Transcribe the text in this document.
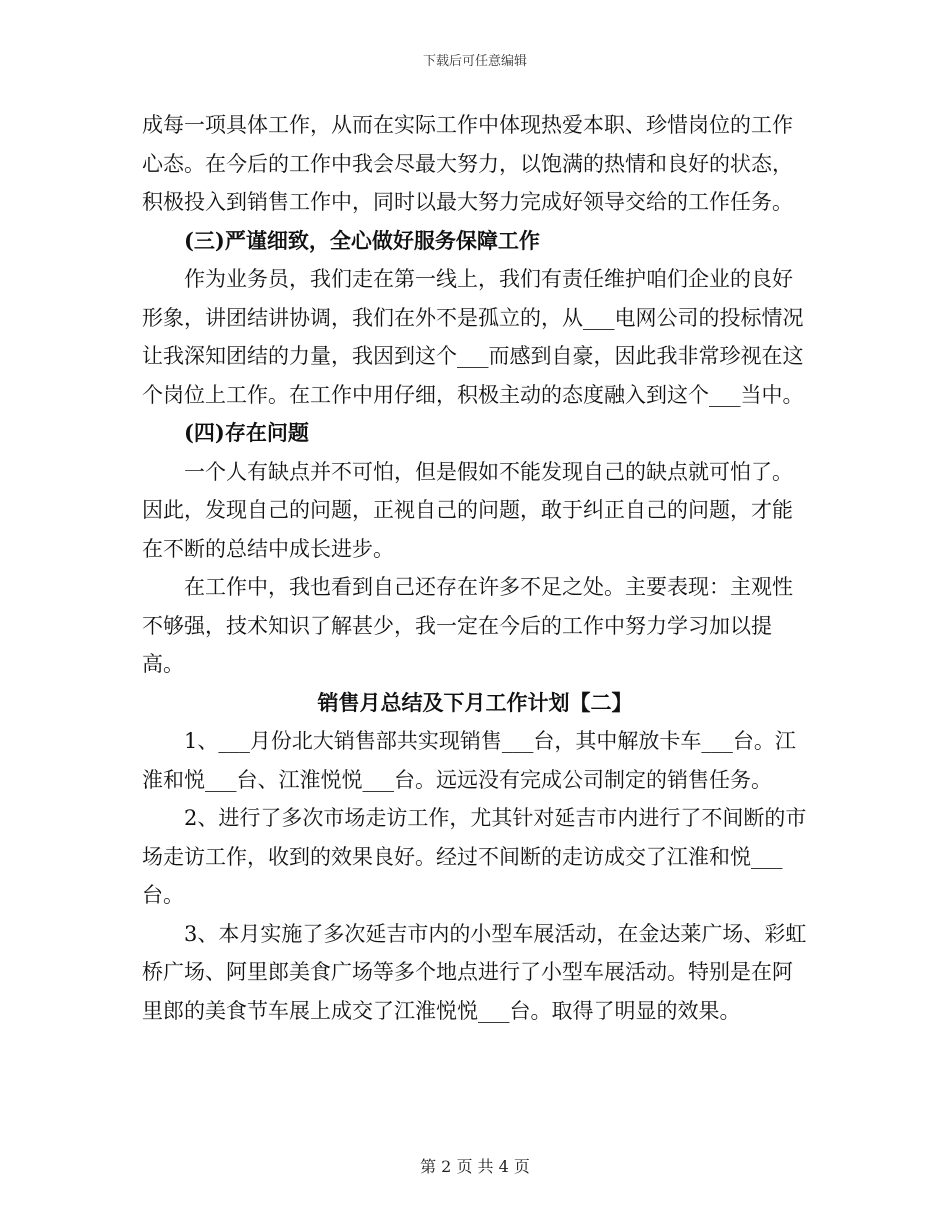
下载后可任意编辑

成每一项具体工作，从而在实际工作中体现热爱本职、珍惜岗位的工作心态。在今后的工作中我会尽最大努力，以饱满的热情和良好的状态，积极投入到销售工作中，同时以最大努力完成好领导交给的工作任务。

(三)严谨细致，全心做好服务保障工作

作为业务员，我们走在第一线上，我们有责任维护咱们企业的良好形象，讲团结讲协调，我们在外不是孤立的，从___电网公司的投标情况让我深知团结的力量，我因到这个___而感到自豪，因此我非常珍视在这个岗位上工作。在工作中用仔细，积极主动的态度融入到这个___当中。

(四)存在问题

一个人有缺点并不可怕，但是假如不能发现自己的缺点就可怕了。因此，发现自己的问题，正视自己的问题，敢于纠正自己的问题，才能在不断的总结中成长进步。

在工作中，我也看到自己还存在许多不足之处。主要表现：主观性不够强，技术知识了解甚少，我一定在今后的工作中努力学习加以提高。

销售月总结及下月工作计划【二】

1、___月份北大销售部共实现销售___台，其中解放卡车___台。江淮和悦___台、江淮悦悦___台。远远没有完成公司制定的销售任务。

2、进行了多次市场走访工作，尤其针对延吉市内进行了不间断的市场走访工作，收到的效果良好。经过不间断的走访成交了江淮和悦___台。

3、本月实施了多次延吉市内的小型车展活动，在金达莱广场、彩虹桥广场、阿里郎美食广场等多个地点进行了小型车展活动。特别是在阿里郎的美食节车展上成交了江淮悦悦___台。取得了明显的效果。

第 2 页 共 4 页
